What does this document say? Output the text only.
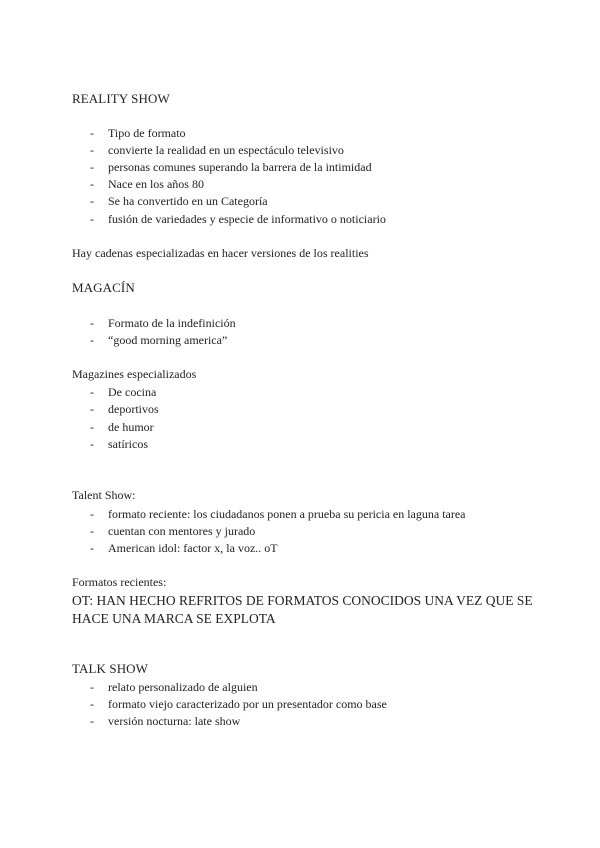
REALITY SHOW
- Tipo de formato
- convierte la realidad en un espectáculo televisivo
- personas comunes superando la barrera de la intimidad
- Nace en los años 80
- Se ha convertido en un Categoría
- fusión de variedades y especie de informativo o noticiario
Hay cadenas especializadas en hacer versiones de los realities
MAGACÍN
- Formato de la indefinición
- “good morning america”
Magazines especializados
- De cocina
- deportivos
- de humor
- satíricos
Talent Show:
- formato reciente: los ciudadanos ponen a prueba su pericia en laguna tarea
- cuentan con mentores y jurado
- American idol: factor x, la voz.. oT
Formatos recientes:
OT: HAN HECHO REFRITOS DE FORMATOS CONOCIDOS UNA VEZ QUE SE HACE UNA MARCA SE EXPLOTA
TALK SHOW
- relato personalizado de alguien
- formato viejo caracterizado por un presentador como base
- versión nocturna: late show
